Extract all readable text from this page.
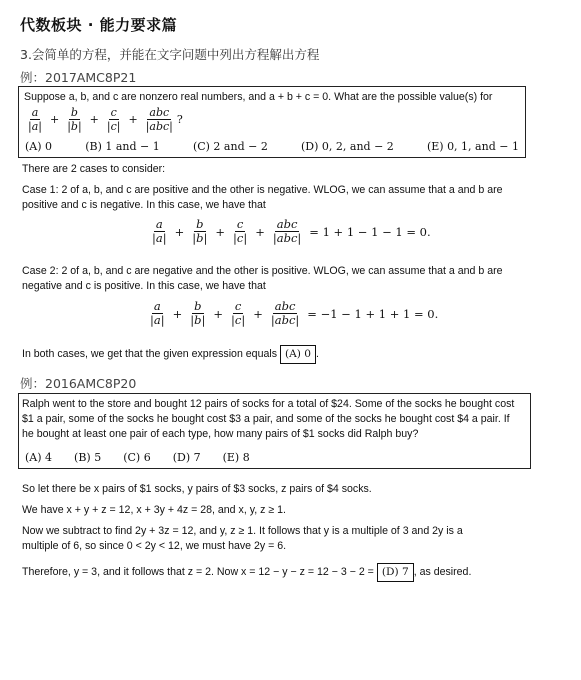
代数板块 · 能力要求篇
3.会简单的方程，并能在文字问题中列出方程解出方程
例：2017AMC8P21

Suppose a, b, and c are nonzero real numbers, and a + b + c = 0. What are the possible value(s) for

$\frac{a}{|a|} + \frac{b}{|b|} + \frac{c}{|c|} + \frac{\text{abc}}{\text{|abc|}}$ ?
(A) 0	(B) 1 and − 1	(C) 2 and − 2	(D) 0, 2, and − 2	(E) 0, 1, and − 1
There are 2 cases to consider:
Case 1: 2 of a, b, and c are positive and the other is negative. WLOG, we can assume that a and b are
positive and c is negative. In this case, we have that
$\frac{a}{|a|} + \frac{b}{|b|} + \frac{c}{|c|} + \frac{\text{abc}}{\text{|abc|}} = 1 + 1 - 1 - 1 = 0$.
Case 2: 2 of a, b, and c are negative and the other is positive. WLOG, we can assume that a and b are
negative and c is positive. In this case, we have that
$\frac{a}{|a|} + \frac{b}{|b|} + \frac{c}{|c|} + \frac{\text{abc}}{\text{|abc|}} = -1 - 1 + 1 + 1 = 0$.
In both cases, we get that the given expression equals (A) 0 .
例：2016AMC8P20

Ralph went to the store and bought 12 pairs of socks for a total of $24. Some of the socks he bought cost

$1 a pair, some of the socks he bought cost $3 a pair, and some of the socks he bought cost $4 a pair. If

he bought at least one pair of each type, how many pairs of $1 socks did Ralph buy?

(A) 4 (B) 5 (C) 6 (D) 7 (E) 8
So let there be x pairs of $1 socks, y pairs of $3 socks, z pairs of $4 socks.
We have x + y + z = 12, x + 3y + 4z = 28, and x, y, z ≥ 1.
Now we subtract to find 2y + 3z = 12, and y, z ≥ 1. It follows that y is a multiple of 3 and 2y is a
multiple of 6, so since 0 < 2y < 12, we must have 2y = 6.
Therefore, y = 3, and it follows that z = 2. Now x = 12 − y − z = 12 − 3 − 2 = (D) 7 , as desired.
